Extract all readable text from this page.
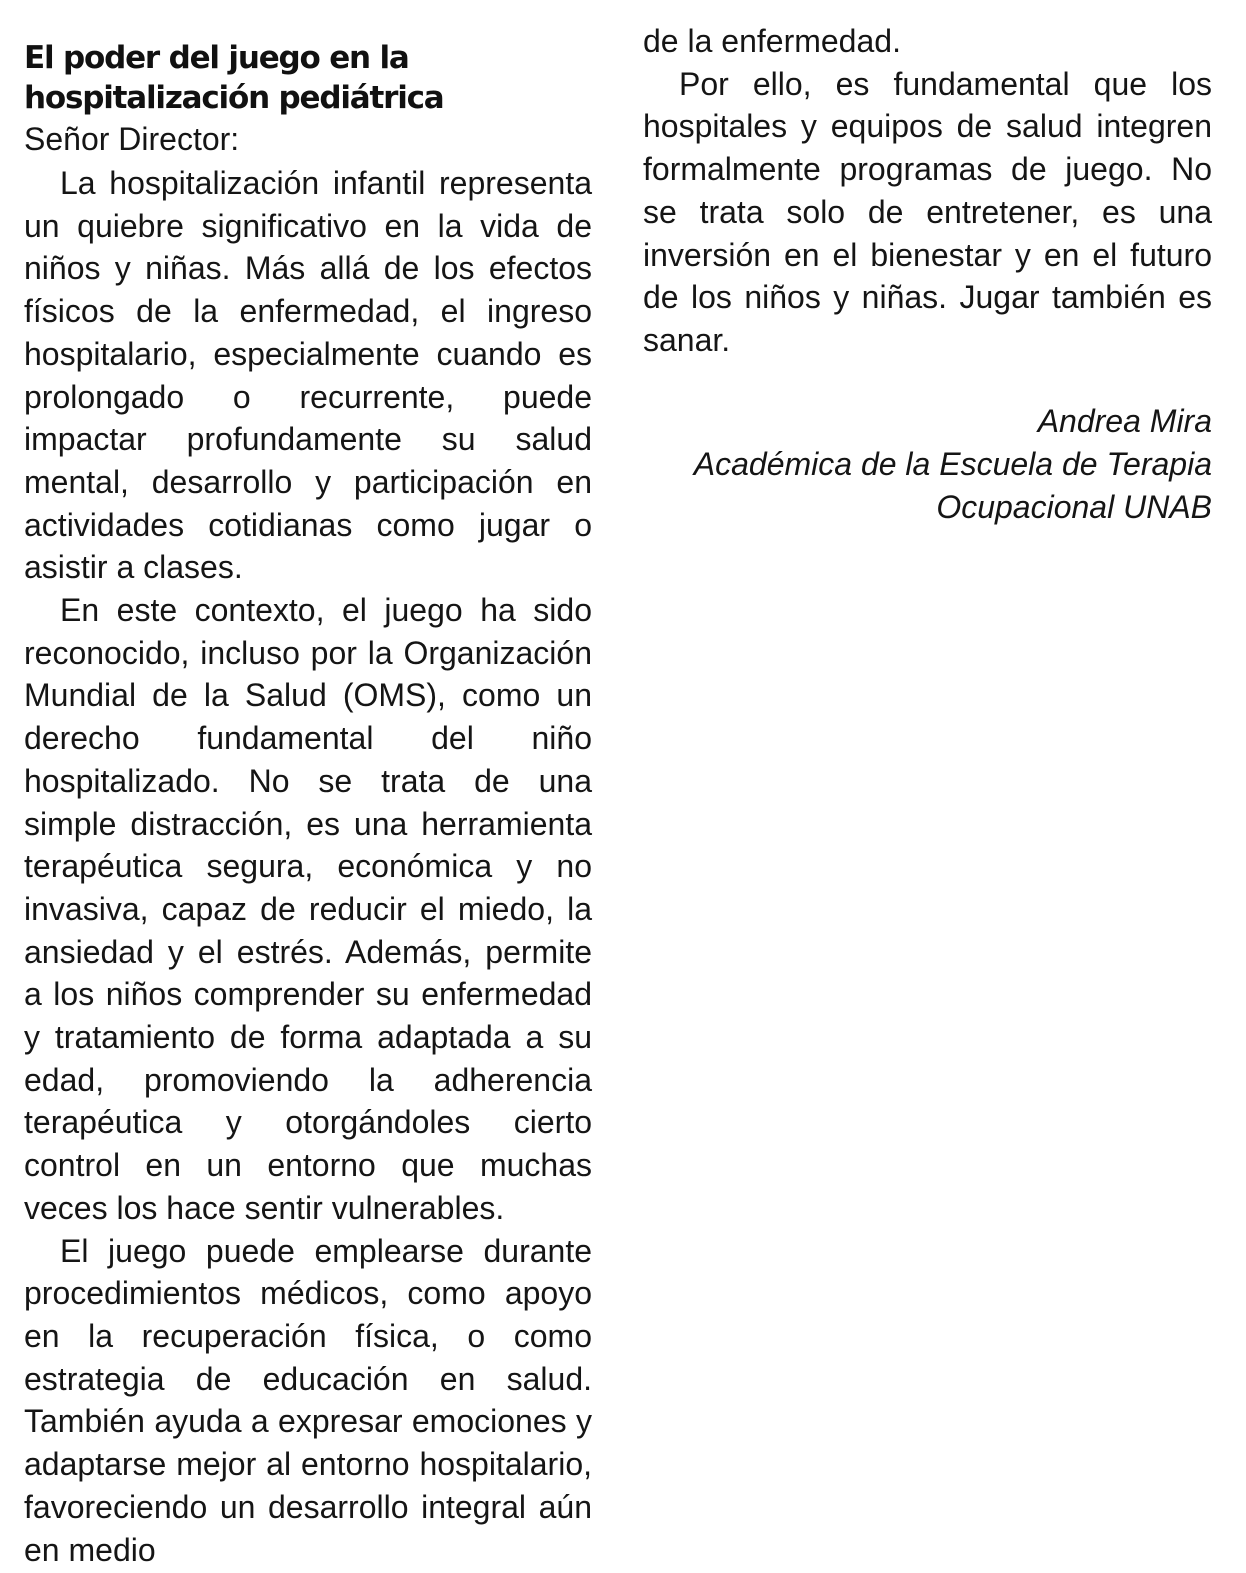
El poder del juego en la
hospitalización pediátrica
Señor Director:

La hospitalización infantil representa un quiebre significativo en la vida de niños y niñas. Más allá de los efectos físicos de la enfermedad, el ingreso hospitalario, especialmente cuando es prolongado o recurrente, puede impactar profundamente su salud mental, desarrollo y participación en actividades cotidianas como jugar o asistir a clases.

En este contexto, el juego ha sido reconocido, incluso por la Organización Mundial de la Salud (OMS), como un derecho fundamental del niño hospitalizado. No se trata de una simple distracción, es una herramienta terapéutica segura, económica y no invasiva, capaz de reducir el miedo, la ansiedad y el estrés. Además, permite a los niños comprender su enfermedad y tratamiento de forma adaptada a su edad, promoviendo la adherencia terapéutica y otorgándoles cierto control en un entorno que muchas veces los hace sentir vulnerables.

El juego puede emplearse durante procedimientos médicos, como apoyo en la recuperación física, o como estrategia de educación en salud. También ayuda a expresar emociones y adaptarse mejor al entorno hospitalario, favoreciendo un desarrollo integral aún en medio

de la enfermedad.

Por ello, es fundamental que los hospitales y equipos de salud integren formalmente programas de juego. No se trata solo de entretener, es una inversión en el bienestar y en el futuro de los niños y niñas. Jugar también es sanar.

Andrea Mira
Académica de la Escuela de Terapia
Ocupacional UNAB
